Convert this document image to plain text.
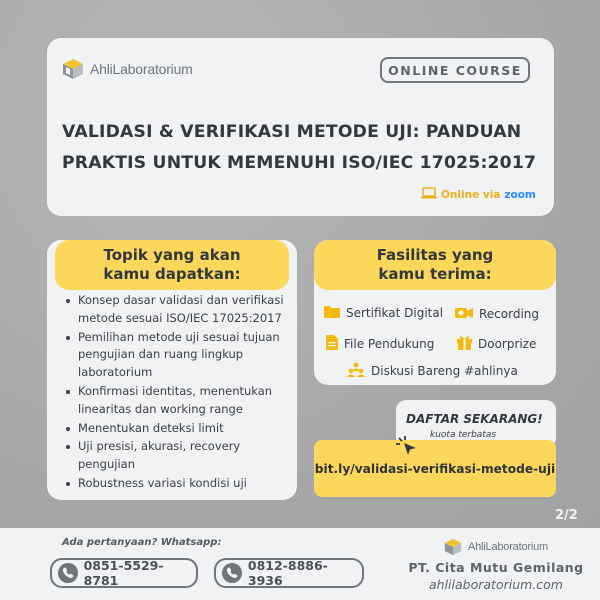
AhliLaboratorium	ONLINE COURSE
VALIDASI & VERIFIKASI METODE UJI: PANDUAN
PRAKTIS UNTUK MEMENUHI ISO/IEC 17025:2017
Online via zoom
Topik yang akan
kamu dapatkan:
Konsep dasar validasi dan verifikasi metode sesuai ISO/IEC 17025:2017
Pemilihan metode uji sesuai tujuan pengujian dan ruang lingkup laboratorium
Konfirmasi identitas, menentukan linearitas dan working range
Menentukan deteksi limit
Uji presisi, akurasi, recovery pengujian
Robustness variasi kondisi uji
Fasilitas yang
kamu terima:
Sertifikat Digital	Recording
File Pendukung	Doorprize
Diskusi Bareng #ahlinya
DAFTAR SEKARANG!
kuota terbatas
bit.ly/validasi-verifikasi-metode-uji
2/2
Ada pertanyaan? Whatsapp:
0851-5529-8781
0812-8886-3936
AhliLaboratorium
PT. Cita Mutu Gemilang
ahlilaboratorium.com
